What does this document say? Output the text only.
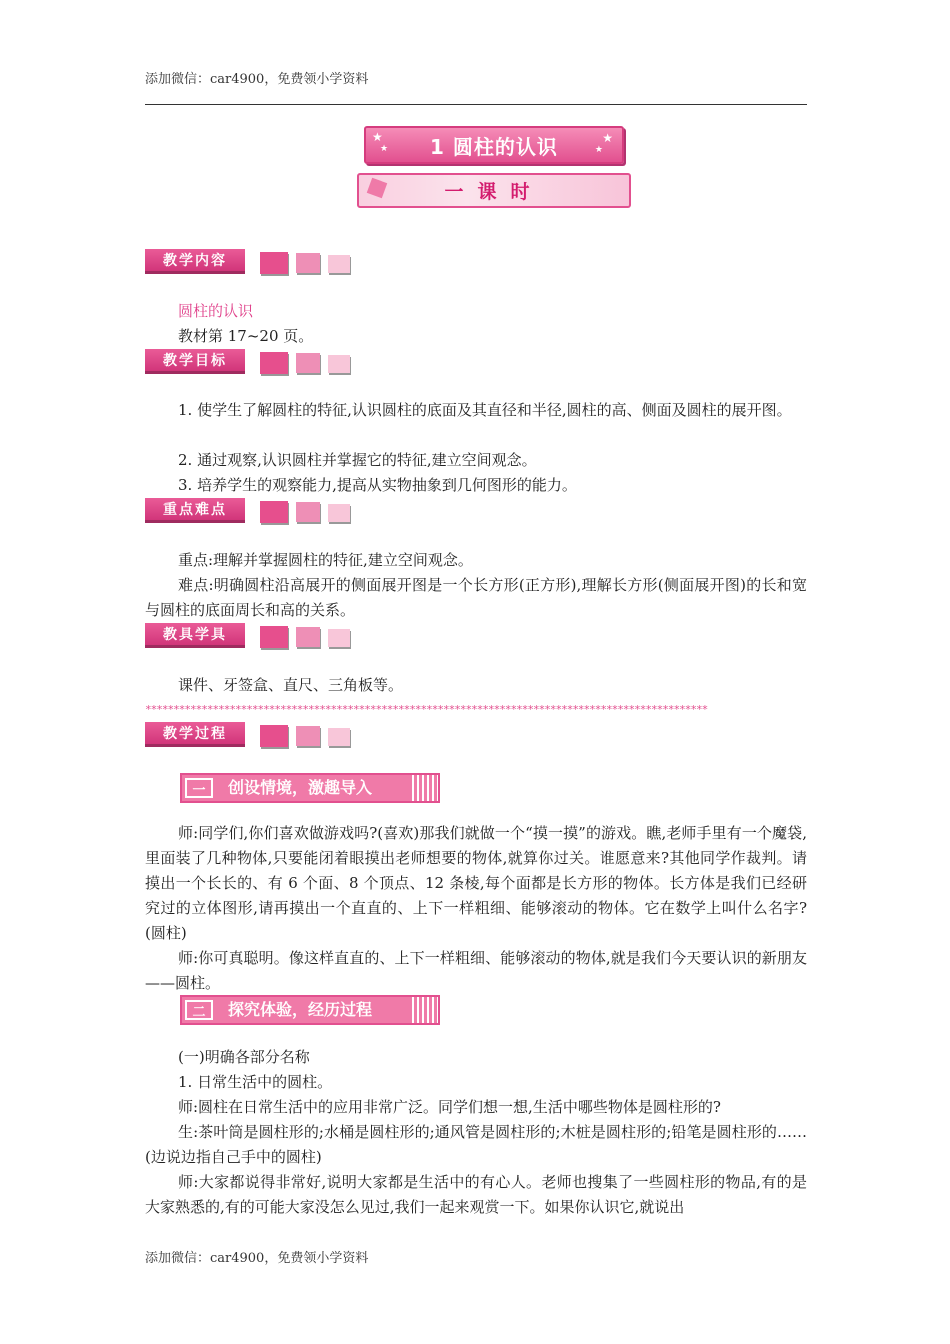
添加微信：car4900，免费领小学资料
★
★
★
★
1 圆柱的认识
一课时
教学内容
圆柱的认识
教材第 17~20 页。
教学目标
1. 使学生了解圆柱的特征,认识圆柱的底面及其直径和半径,圆柱的高、侧面及圆柱的展开图。
2. 通过观察,认识圆柱并掌握它的特征,建立空间观念。
3. 培养学生的观察能力,提高从实物抽象到几何图形的能力。
重点难点
重点:理解并掌握圆柱的特征,建立空间观念。
难点:明确圆柱沿高展开的侧面展开图是一个长方形(正方形),理解长方形(侧面展开图)的长和宽与圆柱的底面周长和高的关系。
教具学具
课件、牙签盒、直尺、三角板等。
****************************************************************************************************
教学过程
一	创设情境，激趣导入
师:同学们,你们喜欢做游戏吗?(喜欢)那我们就做一个“摸一摸”的游戏。瞧,老师手里有一个魔袋,里面装了几种物体,只要能闭着眼摸出老师想要的物体,就算你过关。谁愿意来?其他同学作裁判。请摸出一个长长的、有 6 个面、8 个顶点、12 条棱,每个面都是长方形的物体。长方体是我们已经研究过的立体图形,请再摸出一个直直的、上下一样粗细、能够滚动的物体。它在数学上叫什么名字?(圆柱)
师:你可真聪明。像这样直直的、上下一样粗细、能够滚动的物体,就是我们今天要认识的新朋友——圆柱。
二	探究体验，经历过程
(一)明确各部分名称
1. 日常生活中的圆柱。
师:圆柱在日常生活中的应用非常广泛。同学们想一想,生活中哪些物体是圆柱形的?
生:茶叶筒是圆柱形的;水桶是圆柱形的;通风管是圆柱形的;木桩是圆柱形的;铅笔是圆柱形的……(边说边指自己手中的圆柱)
师:大家都说得非常好,说明大家都是生活中的有心人。老师也搜集了一些圆柱形的物品,有的是大家熟悉的,有的可能大家没怎么见过,我们一起来观赏一下。如果你认识它,就说出
添加微信：car4900，免费领小学资料
